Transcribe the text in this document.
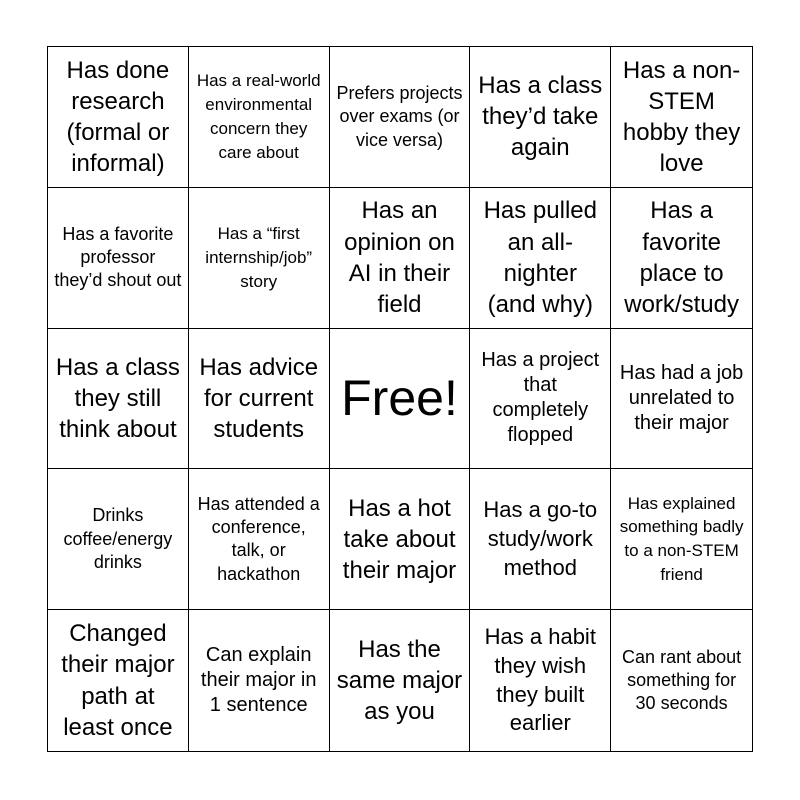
Has done research (formal or informal)
Has a real-world environmental concern they care about
Prefers projects over exams (or vice versa)
Has a class they’d take again
Has a non-STEM hobby they love
Has a favorite professor they’d shout out
Has a “first internship/job” story
Has an opinion on AI in their field
Has pulled an all-nighter (and why)
Has a favorite place to work/study
Has a class they still think about
Has advice for current students
Free!
Has a project that completely flopped
Has had a job unrelated to their major
Drinks coffee/energy drinks
Has attended a conference, talk, or hackathon
Has a hot take about their major
Has a go-to study/work method
Has explained something badly to a non-STEM friend
Changed their major path at least once
Can explain their major in 1 sentence
Has the same major as you
Has a habit they wish they built earlier
Can rant about something for 30 seconds
